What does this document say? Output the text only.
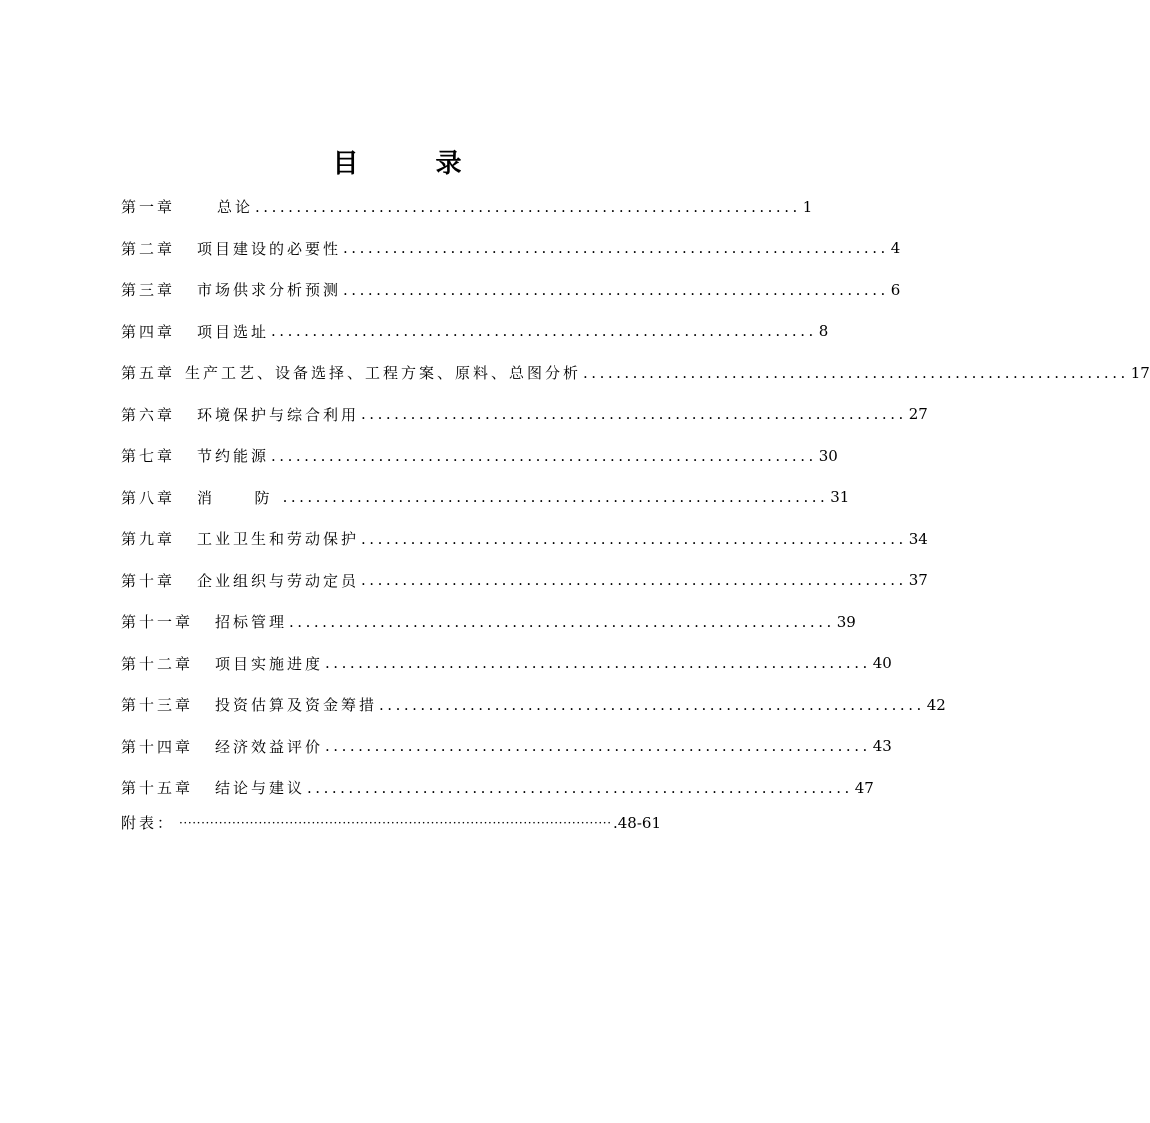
目 录
第一章	总论 .................................................................. 1
第二章 项目建设的必要性 .................................................................. 4
第三章 市场供求分析预测 .................................................................. 6
第四章 项目选址 .................................................................. 8
第五章 生产工艺、设备选择、工程方案、原料、总图分析 .................................................................. 17
第六章 环境保护与综合利用 .................................................................. 27
第七章 节约能源 .................................................................. 30
第八章 消  防 .................................................................. 31
第九章 工业卫生和劳动保护 .................................................................. 34
第十章 企业组织与劳动定员 .................................................................. 37
第十一章 招标管理 .................................................................. 39
第十二章 项目实施进度 .................................................................. 40
第十三章 投资估算及资金筹措 .................................................................. 42
第十四章 经济效益评价 .................................................................. 43
第十五章 结论与建议 .................................................................. 47
附表： ·································································································· .48-61
